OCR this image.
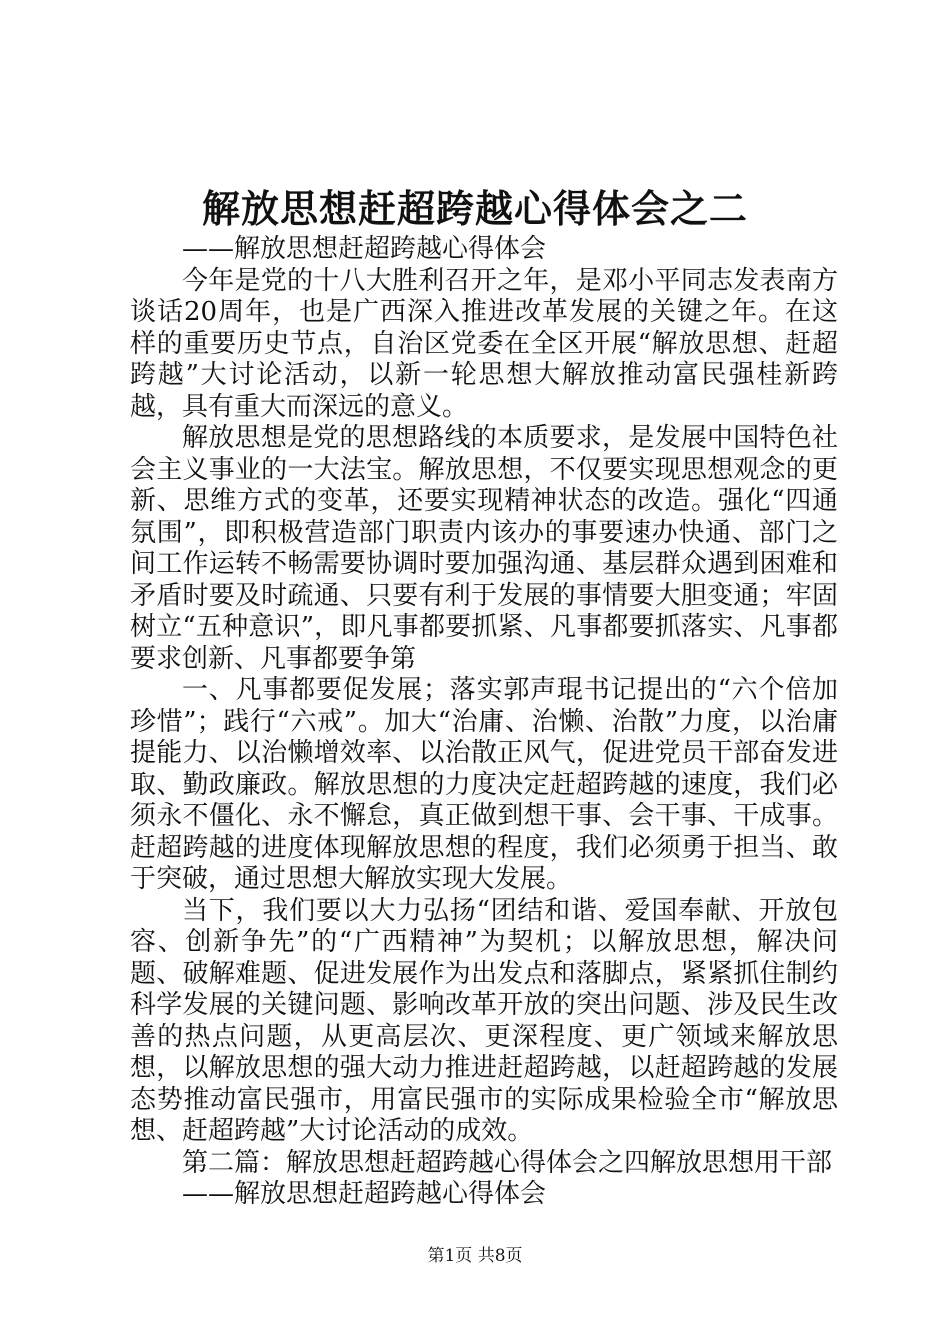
解放思想赶超跨越心得体会之二

——解放思想赶超跨越心得体会

今年是党的十八大胜利召开之年，是邓小平同志发表南方谈话20周年，也是广西深入推进改革发展的关键之年。在这样的重要历史节点，自治区党委在全区开展“解放思想、赶超跨越”大讨论活动，以新一轮思想大解放推动富民强桂新跨越，具有重大而深远的意义。

解放思想是党的思想路线的本质要求，是发展中国特色社会主义事业的一大法宝。解放思想，不仅要实现思想观念的更新、思维方式的变革，还要实现精神状态的改造。强化“四通氛围”，即积极营造部门职责内该办的事要速办快通、部门之间工作运转不畅需要协调时要加强沟通、基层群众遇到困难和矛盾时要及时疏通、只要有利于发展的事情要大胆变通；牢固树立“五种意识”，即凡事都要抓紧、凡事都要抓落实、凡事都要求创新、凡事都要争第

一、凡事都要促发展；落实郭声琨书记提出的“六个倍加珍惜”；践行“六戒”。加大“治庸、治懒、治散”力度，以治庸提能力、以治懒增效率、以治散正风气，促进党员干部奋发进取、勤政廉政。解放思想的力度决定赶超跨越的速度，我们必须永不僵化、永不懈怠，真正做到想干事、会干事、干成事。赶超跨越的进度体现解放思想的程度，我们必须勇于担当、敢于突破，通过思想大解放实现大发展。

当下，我们要以大力弘扬“团结和谐、爱国奉献、开放包容、创新争先”的“广西精神”为契机；以解放思想，解决问题、破解难题、促进发展作为出发点和落脚点，紧紧抓住制约科学发展的关键问题、影响改革开放的突出问题、涉及民生改善的热点问题，从更高层次、更深程度、更广领域来解放思想，以解放思想的强大动力推进赶超跨越，以赶超跨越的发展态势推动富民强市，用富民强市的实际成果检验全市“解放思想、赶超跨越”大讨论活动的成效。

第二篇：解放思想赶超跨越心得体会之四解放思想用干部

——解放思想赶超跨越心得体会

第1页 共8页
